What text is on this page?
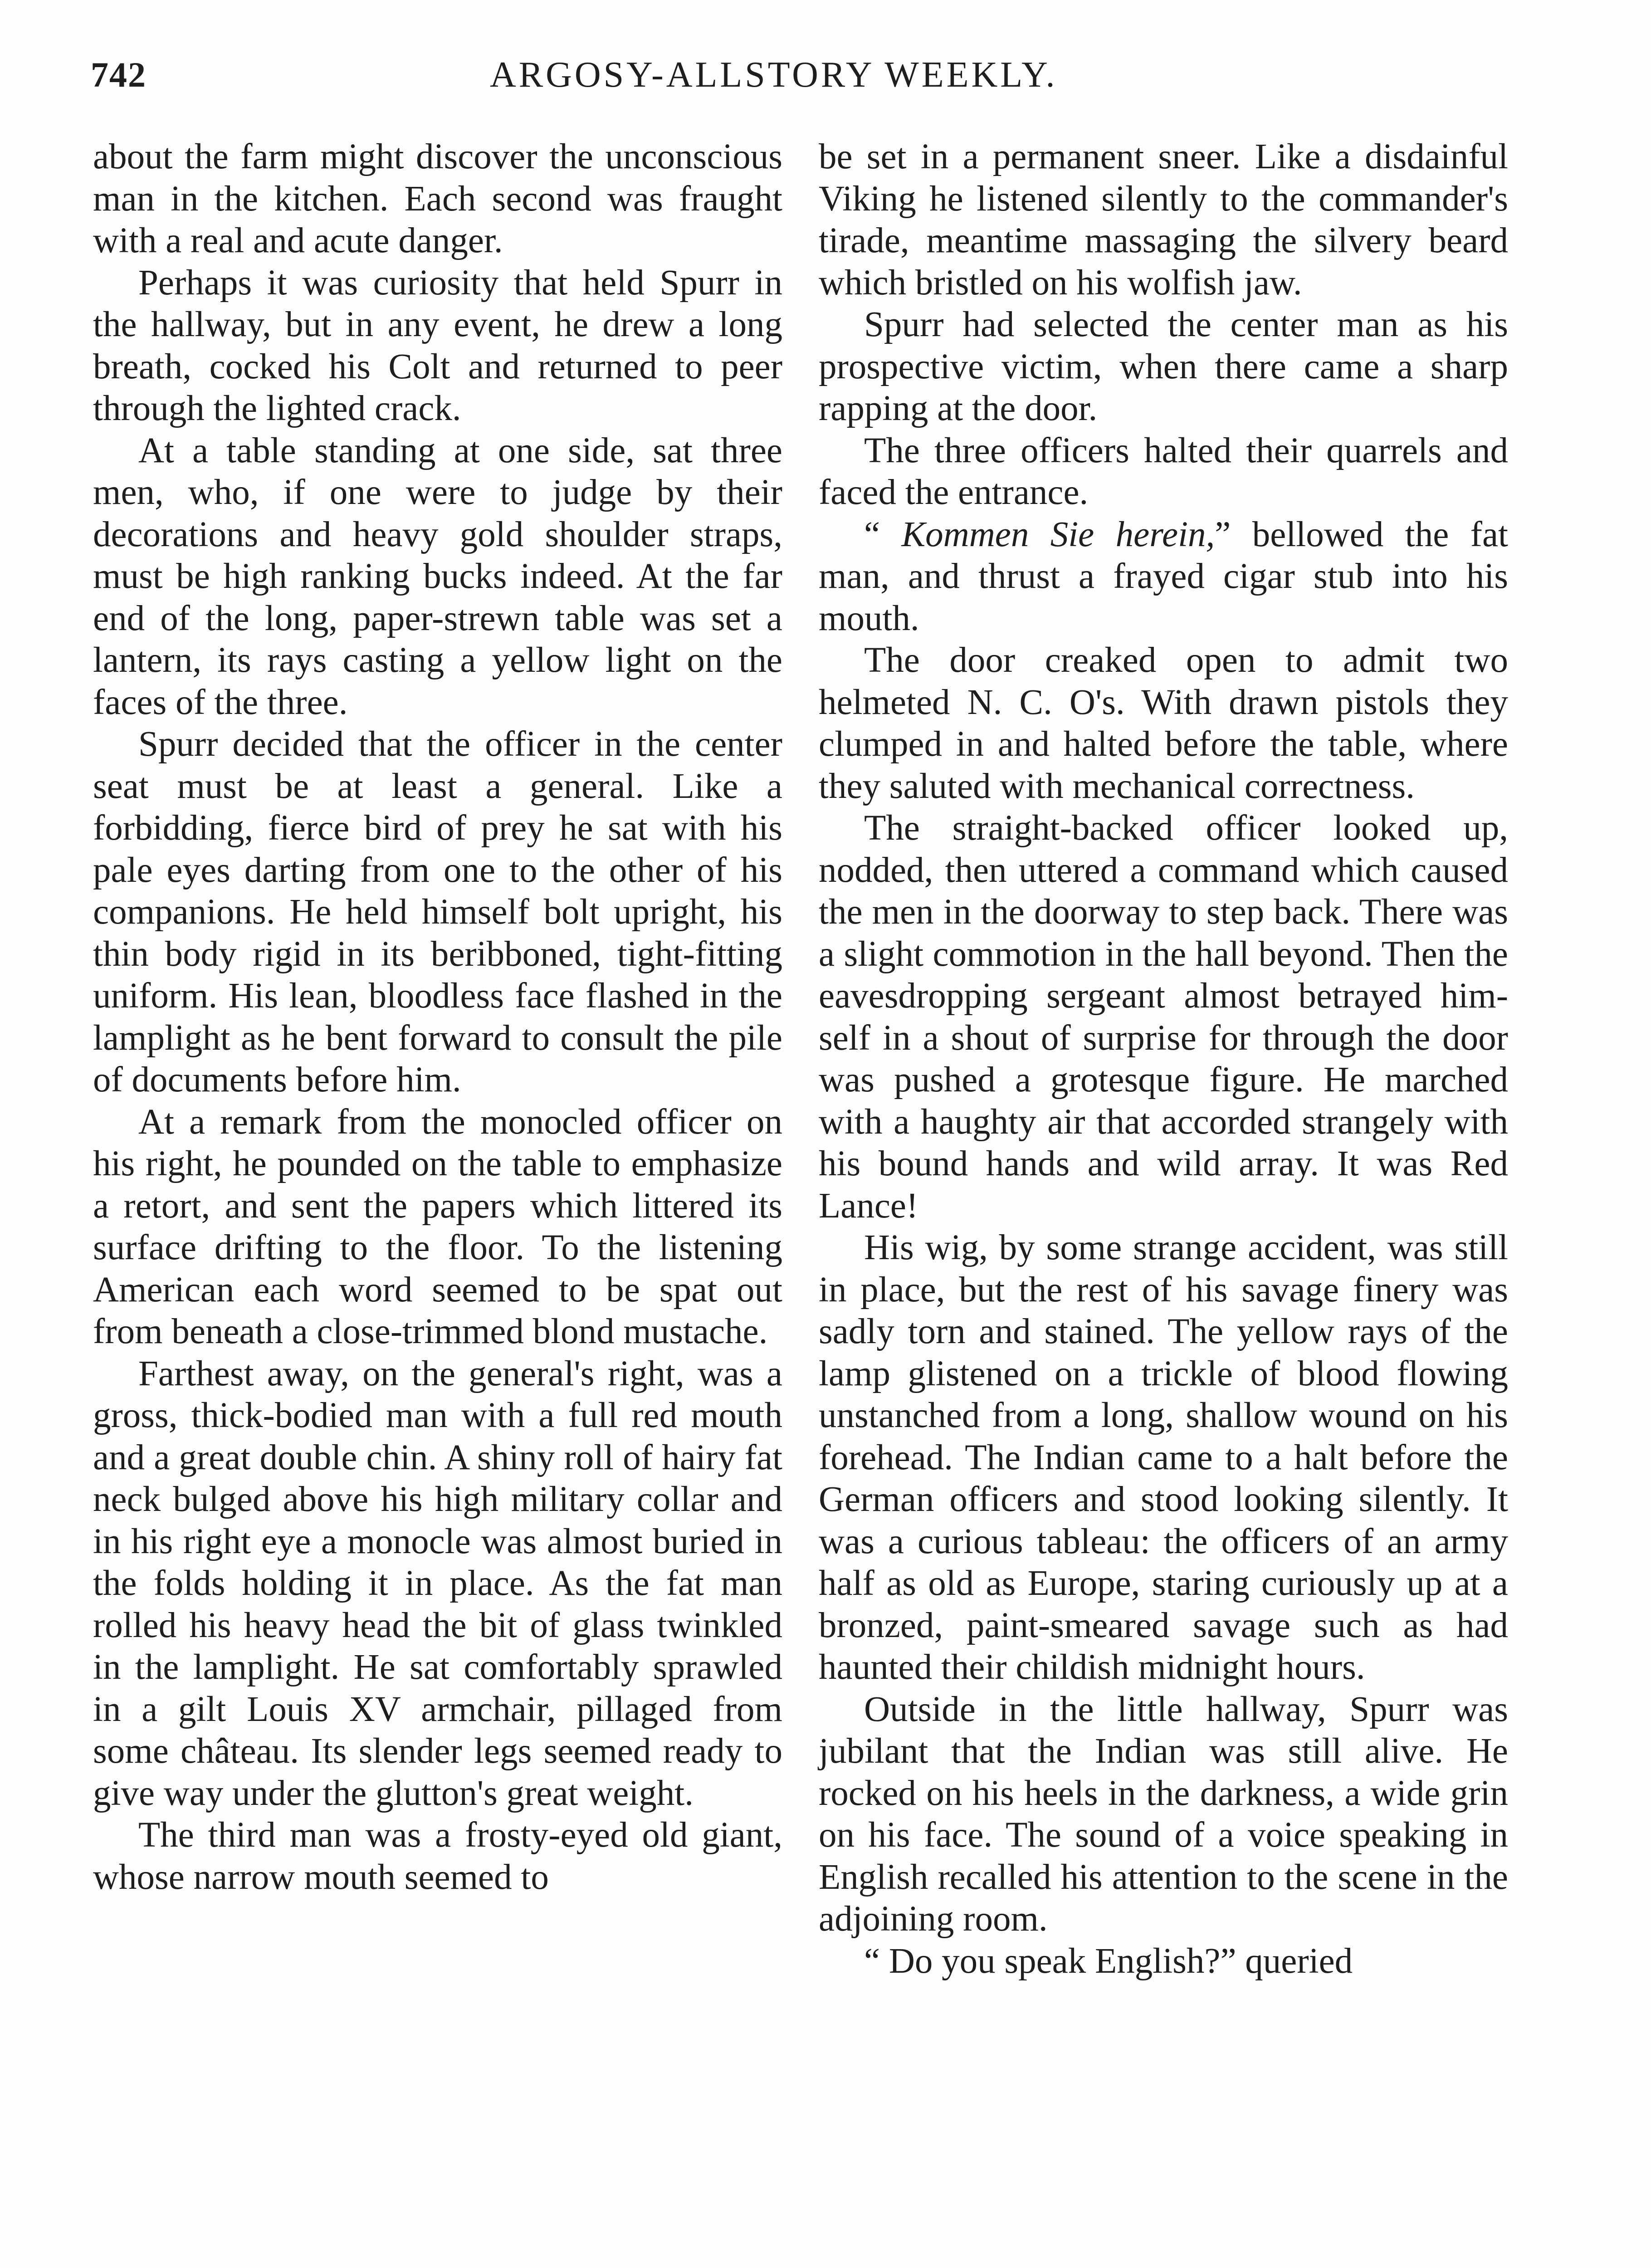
742	ARGOSY-ALLSTORY WEEKLY.

about the farm might discover the unconscious man in the kitchen. Each second was fraught with a real and acute danger.

Perhaps it was curiosity that held Spurr in the hallway, but in any event, he drew a long breath, cocked his Colt and returned to peer through the lighted crack.

At a table standing at one side, sat three men, who, if one were to judge by their decorations and heavy gold shoulder straps, must be high ranking bucks indeed. At the far end of the long, paper-strewn table was set a lantern, its rays casting a yellow light on the faces of the three.

Spurr decided that the officer in the center seat must be at least a general. Like a forbidding, fierce bird of prey he sat with his pale eyes darting from one to the other of his companions. He held himself bolt upright, his thin body rigid in its beribboned, tight-fitting uniform. His lean, bloodless face flashed in the lamplight as he bent forward to consult the pile of documents before him.

At a remark from the monocled officer on his right, he pounded on the table to emphasize a retort, and sent the papers which littered its surface drifting to the floor. To the listening American each word seemed to be spat out from beneath a close-trimmed blond mustache.

Farthest away, on the general's right, was a gross, thick-bodied man with a full red mouth and a great double chin. A shiny roll of hairy fat neck bulged above his high military collar and in his right eye a monocle was almost buried in the folds holding it in place. As the fat man rolled his heavy head the bit of glass twinkled in the lamplight. He sat comfortably sprawled in a gilt Louis XV armchair, pillaged from some château. Its slender legs seemed ready to give way under the glutton's great weight.

The third man was a frosty-eyed old giant, whose narrow mouth seemed to

be set in a permanent sneer. Like a disdainful Viking he listened silently to the commander's tirade, meantime massaging the silvery beard which bristled on his wolfish jaw.

Spurr had selected the center man as his prospective victim, when there came a sharp rapping at the door.

The three officers halted their quarrels and faced the entrance.

“ Kommen Sie herein,” bellowed the fat man, and thrust a frayed cigar stub into his mouth.

The door creaked open to admit two helmeted N. C. O's. With drawn pistols they clumped in and halted before the table, where they saluted with mechanical correctness.

The straight-backed officer looked up, nodded, then uttered a command which caused the men in the doorway to step back. There was a slight commotion in the hall beyond. Then the eavesdropping sergeant almost betrayed himself in a shout of surprise for through the door was pushed a grotesque figure. He marched with a haughty air that accorded strangely with his bound hands and wild array. It was Red Lance!

His wig, by some strange accident, was still in place, but the rest of his savage finery was sadly torn and stained. The yellow rays of the lamp glistened on a trickle of blood flowing unstanched from a long, shallow wound on his forehead. The Indian came to a halt before the German officers and stood looking silently. It was a curious tableau: the officers of an army half as old as Europe, staring curiously up at a bronzed, paint-smeared savage such as had haunted their childish midnight hours.

Outside in the little hallway, Spurr was jubilant that the Indian was still alive. He rocked on his heels in the darkness, a wide grin on his face. The sound of a voice speaking in English recalled his attention to the scene in the adjoining room.

“ Do you speak English?” queried
